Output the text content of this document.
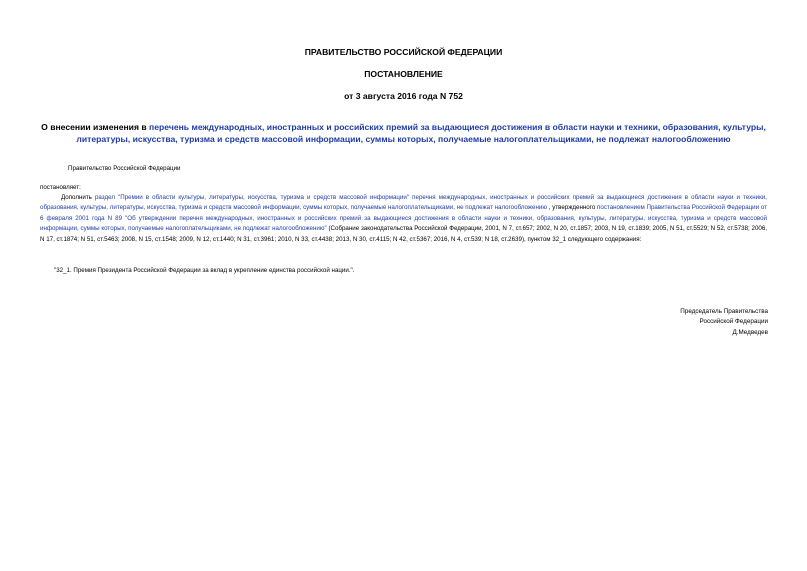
ПРАВИТЕЛЬСТВО РОССИЙСКОЙ ФЕДЕРАЦИИ
ПОСТАНОВЛЕНИЕ
от 3 августа 2016 года N 752
О внесении изменения в перечень международных, иностранных и российских премий за выдающиеся достижения в области науки и техники, образования, культуры, литературы, искусства, туризма и средств массовой информации, суммы которых, получаемые налогоплательщиками, не подлежат налогообложению
Правительство Российской Федерации
постановляет:
Дополнить раздел "Премии в области культуры, литературы, искусства, туризма и средств массовой информации" перечня международных, иностранных и российских премий за выдающиеся достижения в области науки и техники, образования, культуры, литературы, искусства, туризма и средств массовой информации, суммы которых, получаемые налогоплательщиками, не подлежат налогообложению , утвержденного постановлением Правительства Российской Федерации от 6 февраля 2001 года N 89 "Об утверждении перечня международных, иностранных и российских премий за выдающиеся достижения в области науки и техники, образования, культуры, литературы, искусства, туризма и средств массовой информации, суммы которых, получаемые налогоплательщиками, не подлежат налогообложению" (Собрание законодательства Российской Федерации, 2001, N 7, ст.657; 2002, N 20, ст.1857; 2003, N 19, ст.1839; 2005, N 51, ст.5529; N 52, ст.5738; 2006, N 17, ст.1874; N 51, ст.5463; 2008, N 15, ст.1548; 2009, N 12, ст.1440; N 31, ст.3961; 2010, N 33, ст.4438; 2013, N 30, ст.4115; N 42, ст.5367; 2016, N 4, ст.539; N 18, ст.2639), пунктом 32_1 следующего содержания:
"32_1. Премия Президента Российской Федерации за вклад в укрепление единства российской нации.".
Председатель Правительства
Российской Федерации
Д.Медведев
